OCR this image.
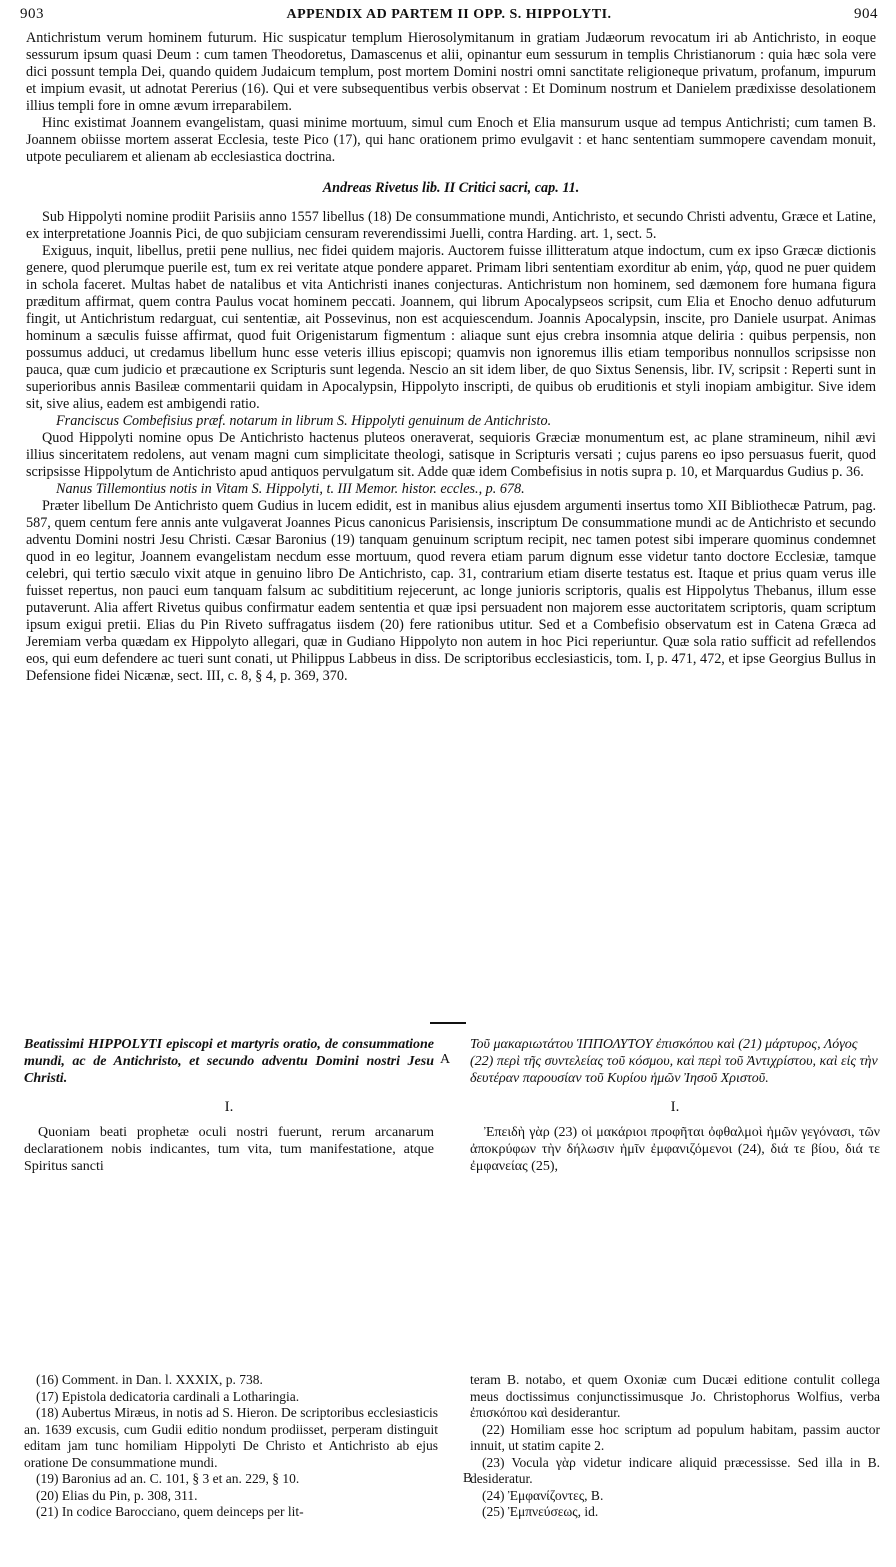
903	APPENDIX AD PARTEM II OPP. S. HIPPOLYTI.	904

Antichristum verum hominem futurum. Hic suspicatur templum Hierosolymitanum in gratiam Judæorum revocatum iri ab Antichristo, in eoque sessurum ipsum quasi Deum : cum tamen Theodoretus, Damascenus et alii, opinantur eum sessurum in templis Christianorum : quia hæc sola vere dici possunt templa Dei, quando quidem Judaicum templum, post mortem Domini nostri omni sanctitate religioneque privatum, profanum, impurum et impium evasit, ut adnotat Pererius (16). Qui et vere subsequentibus verbis observat : Et Dominum nostrum et Danielem prædixisse desolationem illius templi fore in omne ævum irreparabilem.

Hinc existimat Joannem evangelistam, quasi minime mortuum, simul cum Enoch et Elia mansurum usque ad tempus Antichristi; cum tamen B. Joannem obiisse mortem asserat Ecclesia, teste Pico (17), qui hanc orationem primo evulgavit : et hanc sententiam summopere cavendam monuit, utpote peculiarem et alienam ab ecclesiastica doctrina.

Andreas Rivetus lib. II Critici sacri, cap. 11.

Sub Hippolyti nomine prodiit Parisiis anno 1557 libellus (18) De consummatione mundi, Antichristo, et secundo Christi adventu, Græce et Latine, ex interpretatione Joannis Pici, de quo subjiciam censuram reverendissimi Juelli, contra Harding. art. 1, sect. 5.

Exiguus, inquit, libellus, pretii pene nullius, nec fidei quidem majoris. Auctorem fuisse illitteratum atque indoctum, cum ex ipso Græcæ dictionis genere, quod plerumque puerile est, tum ex rei veritate atque pondere apparet. Primam libri sententiam exorditur ab enim, γάρ, quod ne puer quidem in schola faceret. Multas habet de natalibus et vita Antichristi inanes conjecturas. Antichristum non hominem, sed dæmonem fore humana figura præditum affirmat, quem contra Paulus vocat hominem peccati. Joannem, qui librum Apocalypseos scripsit, cum Elia et Enocho denuo adfuturum fingit, ut Antichristum redarguat, cui sententiæ, ait Possevinus, non est acquiescendum. Joannis Apocalypsin, inscite, pro Daniele usurpat. Animas hominum a sæculis fuisse affirmat, quod fuit Origenistarum figmentum : aliaque sunt ejus crebra insomnia atque deliria : quibus perpensis, non possumus adduci, ut credamus libellum hunc esse veteris illius episcopi; quamvis non ignoremus illis etiam temporibus nonnullos scripsisse non pauca, quæ cum judicio et præcautione ex Scripturis sunt legenda. Nescio an sit idem liber, de quo Sixtus Senensis, libr. IV, scripsit : Reperti sunt in superioribus annis Basileæ commentarii quidam in Apocalypsin, Hippolyto inscripti, de quibus ob eruditionis et styli inopiam ambigitur. Sive idem sit, sive alius, eadem est ambigendi ratio.

Franciscus Combefisius præf. notarum in librum S. Hippolyti genuinum de Antichristo.

Quod Hippolyti nomine opus De Antichristo hactenus pluteos oneraverat, sequioris Græciæ monumentum est, ac plane stramineum, nihil ævi illius sinceritatem redolens, aut venam magni cum simplicitate theologi, satisque in Scripturis versati ; cujus parens eo ipso persuasus fuerit, quod scripsisse Hippolytum de Antichristo apud antiquos pervulgatum sit. Adde quæ idem Combefisius in notis supra p. 10, et Marquardus Gudius p. 36.

Nanus Tillemontius notis in Vitam S. Hippolyti, t. III Memor. histor. eccles., p. 678.

Præter libellum De Antichristo quem Gudius in lucem edidit, est in manibus alius ejusdem argumenti insertus tomo XII Bibliothecæ Patrum, pag. 587, quem centum fere annis ante vulgaverat Joannes Picus canonicus Parisiensis, inscriptum De consummatione mundi ac de Antichristo et secundo adventu Domini nostri Jesu Christi. Cæsar Baronius (19) tanquam genuinum scriptum recipit, nec tamen potest sibi imperare quominus condemnet quod in eo legitur, Joannem evangelistam necdum esse mortuum, quod revera etiam parum dignum esse videtur tanto doctore Ecclesiæ, tamque celebri, qui tertio sæculo vixit atque in genuino libro De Antichristo, cap. 31, contrarium etiam diserte testatus est. Itaque et prius quam verus ille fuisset repertus, non pauci eum tanquam falsum ac subdititium rejecerunt, ac longe junioris scriptoris, qualis est Hippolytus Thebanus, illum esse putaverunt. Alia affert Rivetus quibus confirmatur eadem sententia et quæ ipsi persuadent non majorem esse auctoritatem scriptoris, quam scriptum ipsum exigui pretii. Elias du Pin Riveto suffragatus iisdem (20) fere rationibus utitur. Sed et a Combefisio observatum est in Catena Græca ad Jeremiam verba quædam ex Hippolyto allegari, quæ in Gudiano Hippolyto non autem in hoc Pici reperiuntur. Quæ sola ratio sufficit ad refellendos eos, qui eum defendere ac tueri sunt conati, ut Philippus Labbeus in diss. De scriptoribus ecclesiasticis, tom. I, p. 471, 472, et ipse Georgius Bullus in Defensione fidei Nicænæ, sect. III, c. 8, § 4, p. 369, 370.

Beatissimi HIPPOLYTI episcopi et martyris oratio, de consummatione mundi, ac de Antichristo, et secundo adventu Domini nostri Jesu Christi.
I.

Quoniam beati prophetæ oculi nostri fuerunt, rerum arcanarum declarationem nobis indicantes, tum vita, tum manifestatione, atque Spiritus sancti

A
Τοῦ μακαριωτάτου ἹΠΠΟΛΥΤΟΥ ἐπισκόπου καὶ (21) μάρτυρος, Λόγος (22) περὶ τῆς συντελείας τοῦ κόσμου, καὶ περὶ τοῦ Ἀντιχρίστου, καὶ εἰς τὴν δευτέραν παρουσίαν τοῦ Κυρίου ἡμῶν Ἰησοῦ Χριστοῦ.
I.

Ἐπειδὴ γὰρ (23) οἱ μακάριοι προφῆται ὀφθαλμοὶ ἡμῶν γεγόνασι, τῶν ἀποκρύφων τὴν δήλωσιν ἡμῖν ἐμφανιζόμενοι (24), διά τε βίου, διά τε ἐμφανείας (25),

(16) Comment. in Dan. l. XXXIX, p. 738.

(17) Epistola dedicatoria cardinali a Lotharingia.

(18) Aubertus Miræus, in notis ad S. Hieron. De scriptoribus ecclesiasticis an. 1639 excusis, cum Gudii editio nondum prodiisset, perperam distinguit editam jam tunc homiliam Hippolyti De Christo et Antichristo ab ejus oratione De consummatione mundi.

(19) Baronius ad an. C. 101, § 3 et an. 229, § 10.

(20) Elias du Pin, p. 308, 311.

(21) In codice Barocciano, quem deinceps per lit-

B

teram B. notabo, et quem Oxoniæ cum Ducæi editione contulit collega meus doctissimus conjunctissimusque Jo. Christophorus Wolfius, verba ἐπισκόπου καὶ desiderantur.

(22) Homiliam esse hoc scriptum ad populum habitam, passim auctor innuit, ut statim capite 2.

(23) Vocula γὰρ videtur indicare aliquid præcessisse. Sed illa in B. desideratur.

(24) Ἐμφανίζοντες, B.

(25) Ἐμπνεύσεως, id.
